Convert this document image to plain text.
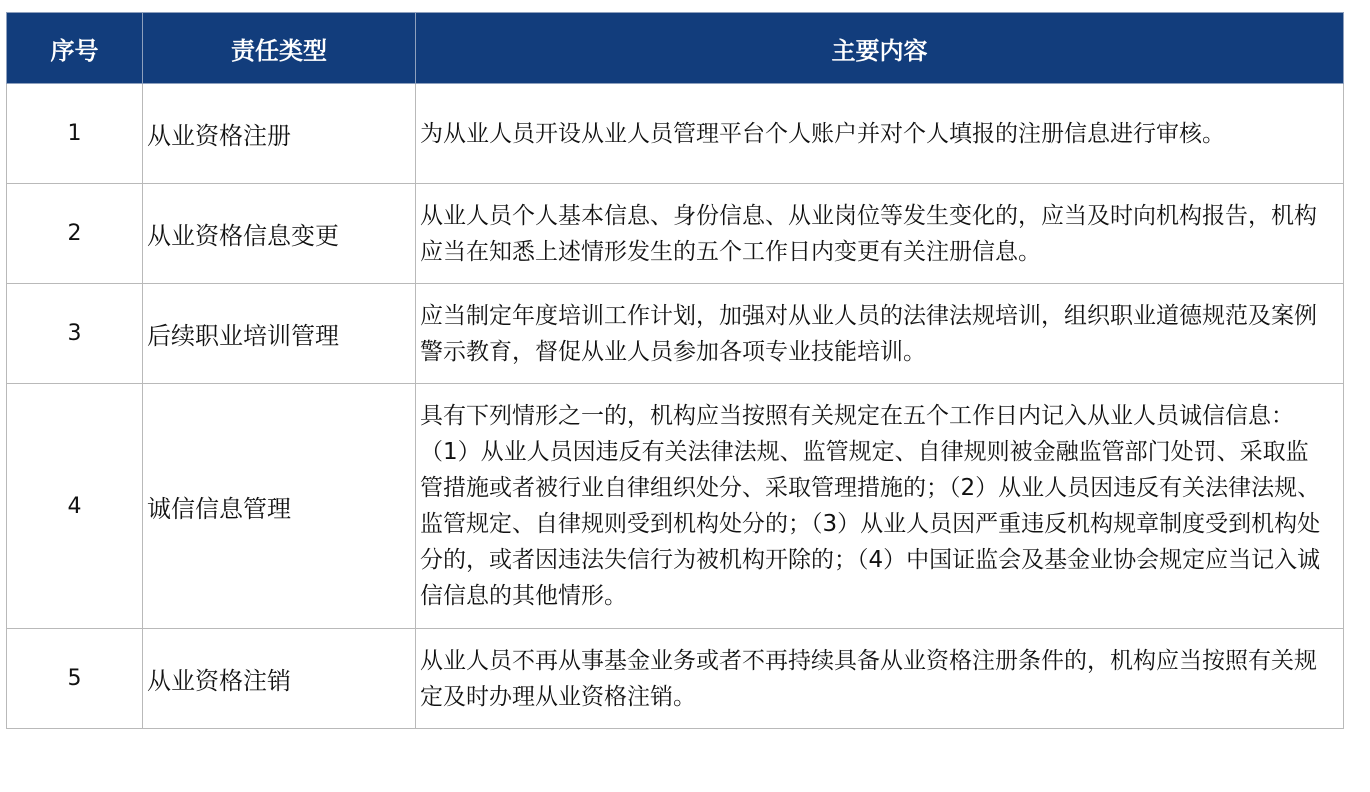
序号	责任类型	主要内容
1	从业资格注册	为从业人员开设从业人员管理平台个人账户并对个人填报的注册信息进行审核。
2	从业资格信息变更	从业人员个人基本信息、身份信息、从业岗位等发生变化的，应当及时向机构报告，机构应当在知悉上述情形发生的五个工作日内变更有关注册信息。
3	后续职业培训管理	应当制定年度培训工作计划，加强对从业人员的法律法规培训，组织职业道德规范及案例警示教育，督促从业人员参加各项专业技能培训。
4	诚信信息管理	具有下列情形之一的，机构应当按照有关规定在五个工作日内记入从业人员诚信信息：（1）从业人员因违反有关法律法规、监管规定、自律规则被金融监管部门处罚、采取监管措施或者被行业自律组织处分、采取管理措施的；（2）从业人员因违反有关法律法规、监管规定、自律规则受到机构处分的；（3）从业人员因严重违反机构规章制度受到机构处分的，或者因违法失信行为被机构开除的；（4）中国证监会及基金业协会规定应当记入诚信信息的其他情形。
5	从业资格注销	从业人员不再从事基金业务或者不再持续具备从业资格注册条件的，机构应当按照有关规定及时办理从业资格注销。
